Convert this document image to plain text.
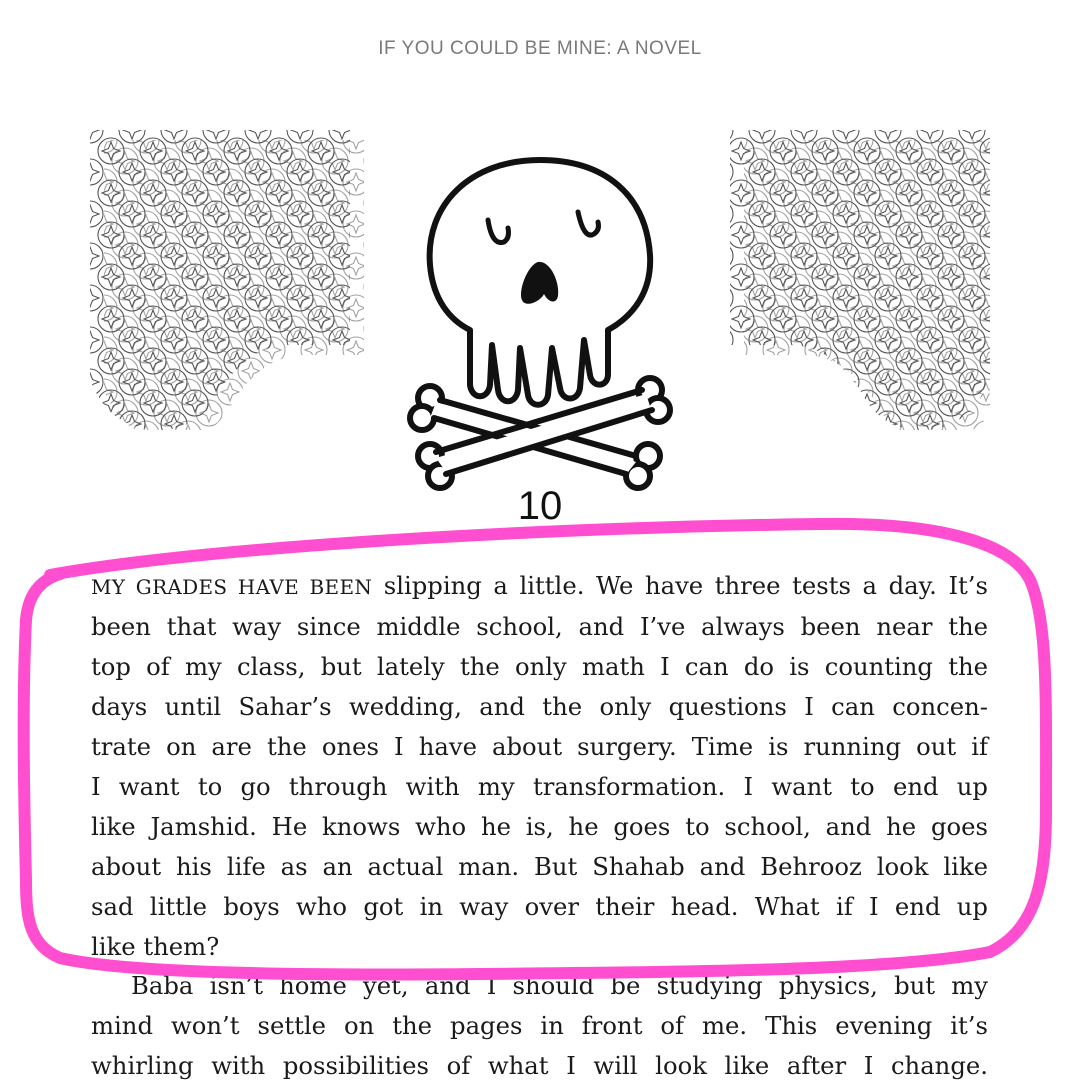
IF YOU COULD BE MINE: A NOVEL
10
MY GRADES HAVE BEEN slipping a little. We have three tests a day. It’s
been that way since middle school, and I’ve always been near the
top of my class, but lately the only math I can do is counting the
days until Sahar’s wedding, and the only questions I can concen-
trate on are the ones I have about surgery. Time is running out if
I want to go through with my transformation. I want to end up
like Jamshid. He knows who he is, he goes to school, and he goes
about his life as an actual man. But Shahab and Behrooz look like
sad little boys who got in way over their head. What if I end up
like them?
Baba isn’t home yet, and I should be studying physics, but my
mind won’t settle on the pages in front of me. This evening it’s
whirling with possibilities of what I will look like after I change.
